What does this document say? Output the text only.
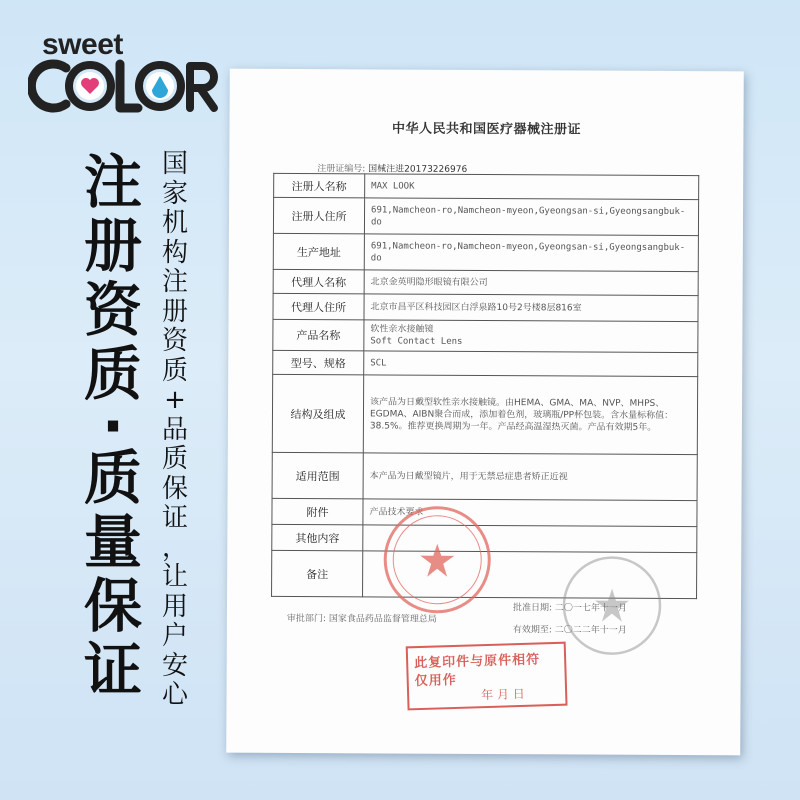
sweet
注
册
资
质
·
质
量
保
证
国
家
机
构
注
册
资
质
+
品
质
保
证
，
让
用
户
安
心
中华人民共和国医疗器械注册证
注册证编号: 国械注进20173226976
注册人名称	MAX LOOK
注册人住所	691,Namcheon-ro,Namcheon-myeon,Gyeongsan-si,Gyeongsangbuk-do
生产地址	691,Namcheon-ro,Namcheon-myeon,Gyeongsan-si,Gyeongsangbuk-do
代理人名称	北京金英明隐形眼镜有限公司
代理人住所	北京市昌平区科技园区白浮泉路10号2号楼8层816室
产品名称	软性亲水接触镜
Soft Contact Lens

型号、规格	SCL
结构及组成	该产品为日戴型软性亲水接触镜。由HEMA、GMA、MA、NVP、MHPS、EGDMA、AIBN聚合而成，添加着色剂，玻璃瓶/PP杯包装。含水量标称值：38.5%。推荐更换周期为一年。产品经高温湿热灭菌。产品有效期5年。
适用范围	本产品为日戴型镜片，用于无禁忌症患者矫正近视
附件	产品技术要求
其他内容	
备注	
审批部门: 国家食品药品监督管理总局
批准日期: 二〇一七年十一月
有效期至: 二〇二二年十一月
此复印件与原件相符
仅用作
年 月 日
